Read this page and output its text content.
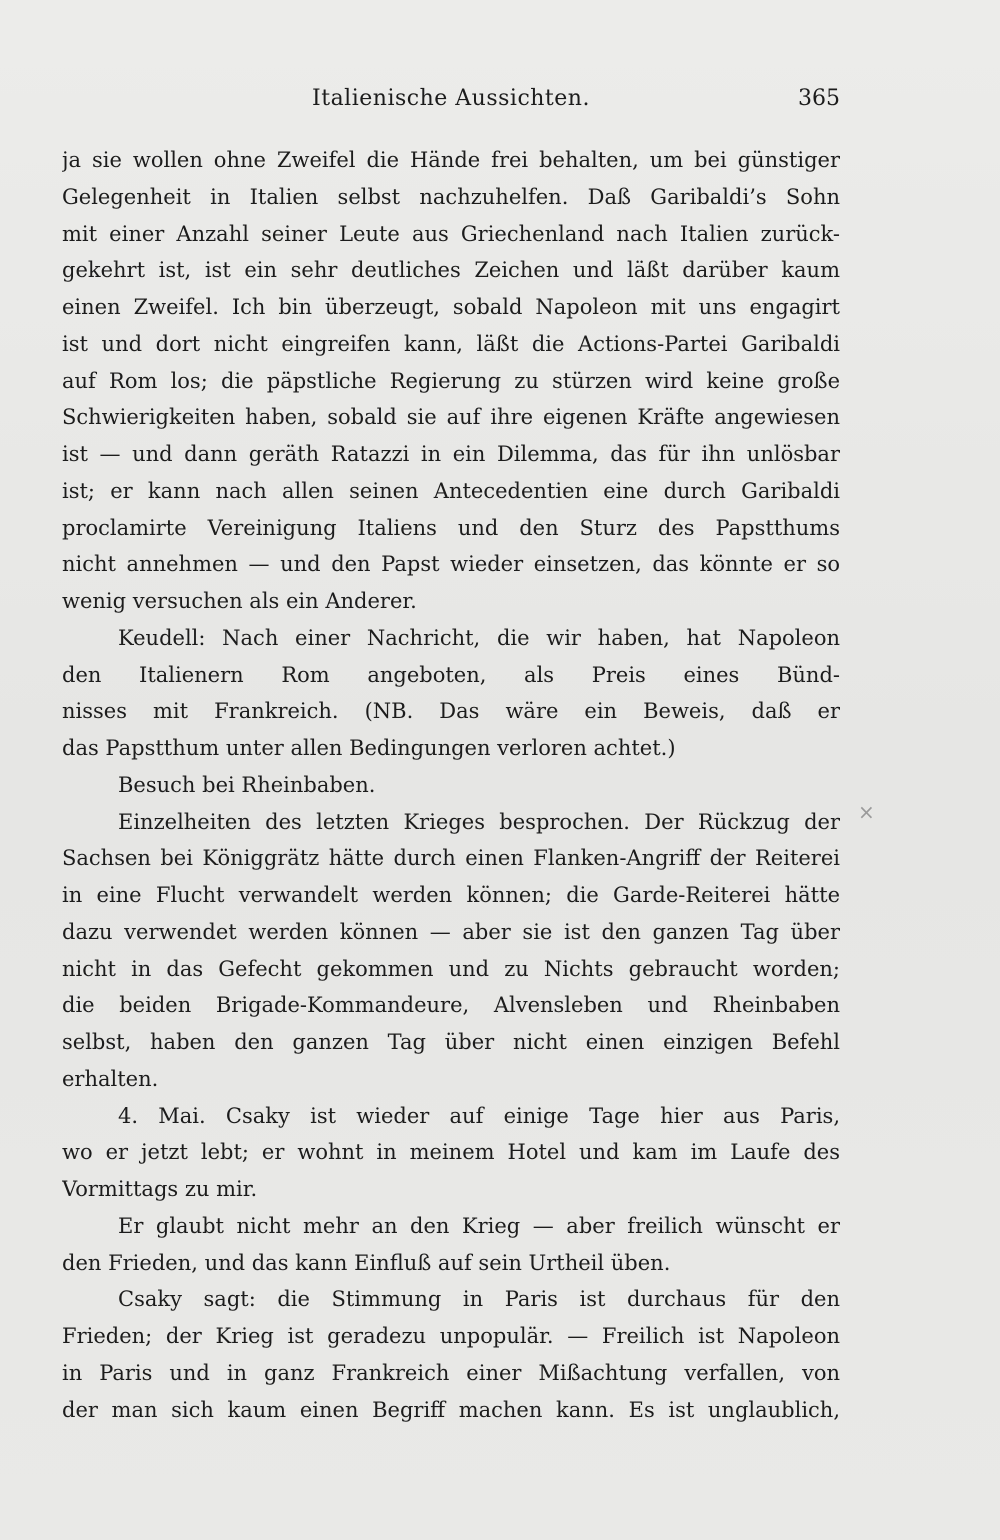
Italienische Aussichten.	365
ja sie wollen ohne Zweifel die Hände frei behalten, um bei günstiger
Gelegenheit in Italien selbst nachzuhelfen. Daß Garibaldi’s Sohn
mit einer Anzahl seiner Leute aus Griechenland nach Italien zurück-
gekehrt ist, ist ein sehr deutliches Zeichen und läßt darüber kaum
einen Zweifel. Ich bin überzeugt, sobald Napoleon mit uns engagirt
ist und dort nicht eingreifen kann, läßt die Actions-Partei Garibaldi
auf Rom los; die päpstliche Regierung zu stürzen wird keine große
Schwierigkeiten haben, sobald sie auf ihre eigenen Kräfte angewiesen
ist — und dann geräth Ratazzi in ein Dilemma, das für ihn unlösbar
ist; er kann nach allen seinen Antecedentien eine durch Garibaldi
proclamirte Vereinigung Italiens und den Sturz des Papstthums
nicht annehmen — und den Papst wieder einsetzen, das könnte er so
wenig versuchen als ein Anderer.
Keudell: Nach einer Nachricht, die wir haben, hat Napoleon
den Italienern Rom angeboten, als Preis eines Bünd-
nisses mit Frankreich. (NB. Das wäre ein Beweis, daß er
das Papstthum unter allen Bedingungen verloren achtet.)
Besuch bei Rheinbaben.
Einzelheiten des letzten Krieges besprochen. Der Rückzug der
Sachsen bei Königgrätz hätte durch einen Flanken-Angriff der Reiterei
in eine Flucht verwandelt werden können; die Garde-Reiterei hätte
dazu verwendet werden können — aber sie ist den ganzen Tag über
nicht in das Gefecht gekommen und zu Nichts gebraucht worden;
die beiden Brigade-Kommandeure, Alvensleben und Rheinbaben
selbst, haben den ganzen Tag über nicht einen einzigen Befehl
erhalten.
4. Mai. Csaky ist wieder auf einige Tage hier aus Paris,
wo er jetzt lebt; er wohnt in meinem Hotel und kam im Laufe des
Vormittags zu mir.
Er glaubt nicht mehr an den Krieg — aber freilich wünscht er
den Frieden, und das kann Einfluß auf sein Urtheil üben.
Csaky sagt: die Stimmung in Paris ist durchaus für den
Frieden; der Krieg ist geradezu unpopulär. — Freilich ist Napoleon
in Paris und in ganz Frankreich einer Mißachtung verfallen, von
der man sich kaum einen Begriff machen kann. Es ist unglaublich,
×
